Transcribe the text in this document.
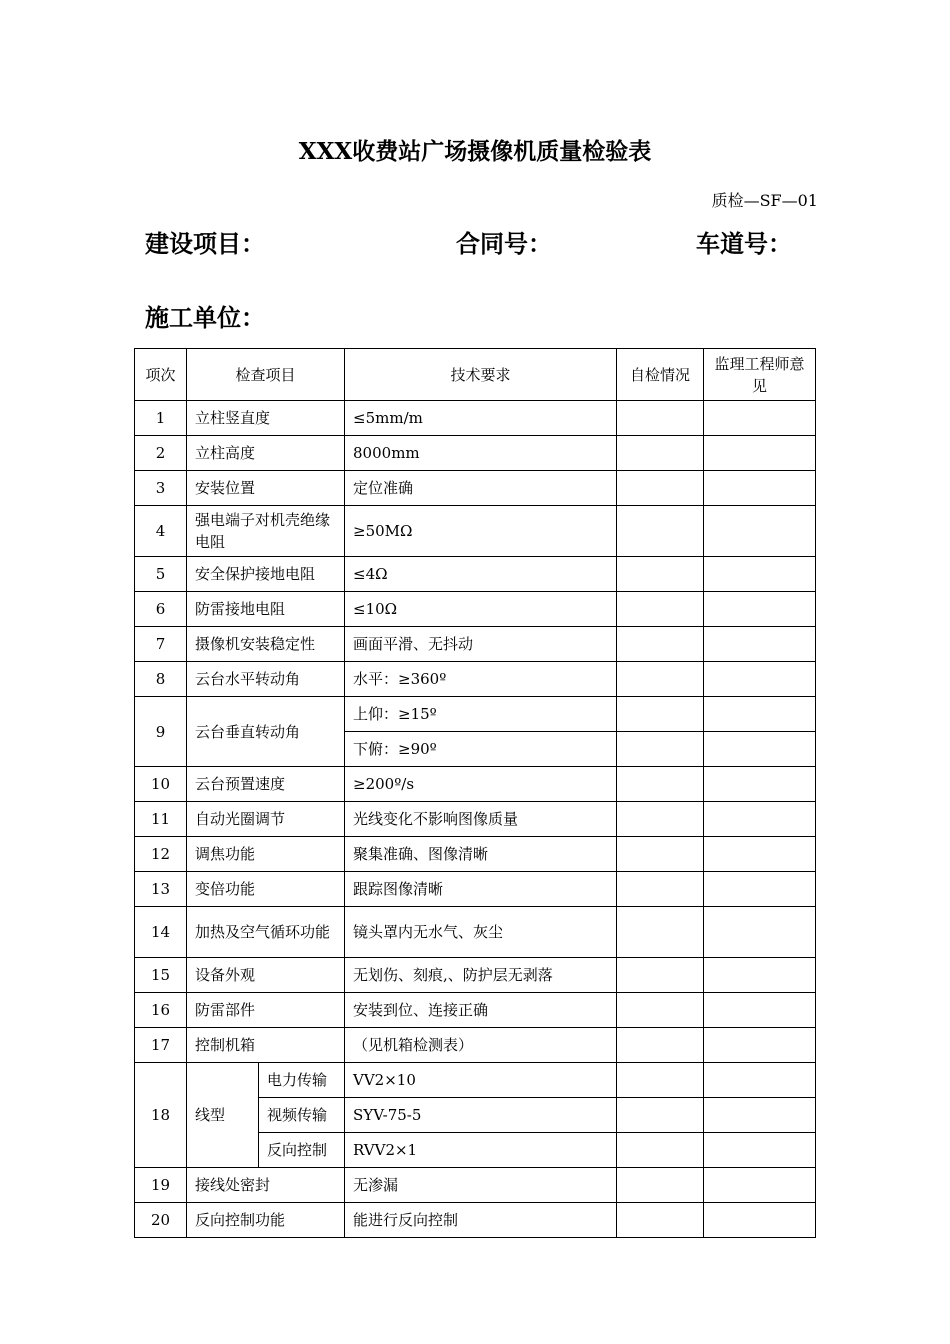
XXX收费站广场摄像机质量检验表
质检—SF—01
建设项目：	合同号：	车道号：
施工单位：
项次	检查项目		技术要求	自检情况	监理工程师意见
1	立柱竖直度		≤5mm/m		
2	立柱高度		8000mm		
3	安装位置		定位准确		
4	强电端子对机壳绝缘电阻		≥50MΩ		
5	安全保护接地电阻		≤4Ω		
6	防雷接地电阻		≤10Ω		
7	摄像机安装稳定性		画面平滑、无抖动		
8	云台水平转动角		水平：≥360º		
9	云台垂直转动角		上仰：≥15º		
			下俯：≥90º		
10	云台预置速度		≥200º/s		
11	自动光圈调节		光线变化不影响图像质量		
12	调焦功能		聚集准确、图像清晰		
13	变倍功能		跟踪图像清晰		
14	加热及空气循环功能		镜头罩内无水气、灰尘		
15	设备外观		无划伤、刻痕,、防护层无剥落		
16	防雷部件		安装到位、连接正确		
17	控制机箱		（见机箱检测表）		
18	线型	电力传输	VV2×10		
		视频传输	SYV-75-5		
		反向控制	RVV2×1		
19	接线处密封		无渗漏		
20	反向控制功能		能进行反向控制		
